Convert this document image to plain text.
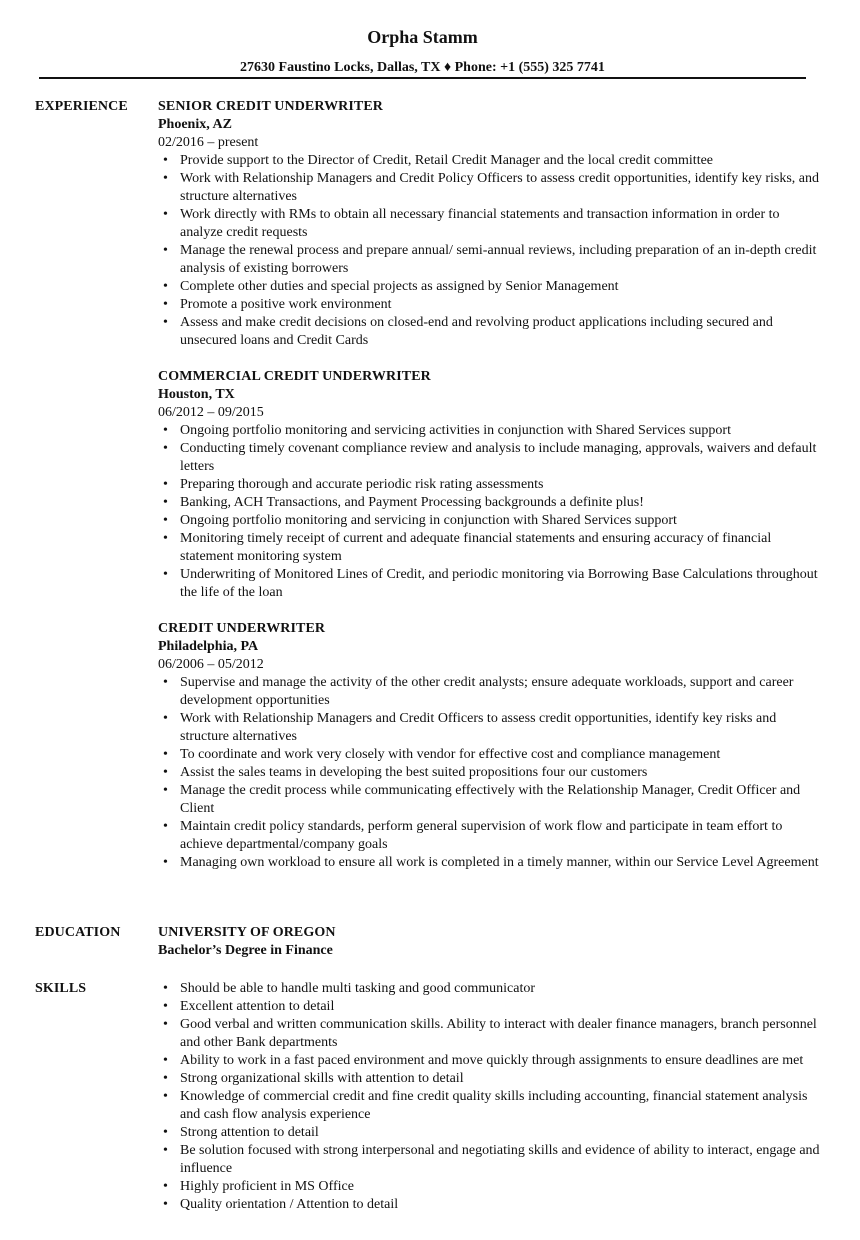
Orpha Stamm
27630 Faustino Locks, Dallas, TX ♦ Phone: +1 (555) 325 7741
EXPERIENCE SENIOR CREDIT UNDERWRITER
Phoenix, AZ
02/2016 – present
• Provide support to the Director of Credit, Retail Credit Manager and the local credit committee
• Work with Relationship Managers and Credit Policy Officers to assess credit opportunities, identify key risks, and structure alternatives
• Work directly with RMs to obtain all necessary financial statements and transaction information in order to analyze credit requests
• Manage the renewal process and prepare annual/ semi-annual reviews, including preparation of an in-depth credit analysis of existing borrowers
• Complete other duties and special projects as assigned by Senior Management
• Promote a positive work environment
• Assess and make credit decisions on closed-end and revolving product applications including secured and unsecured loans and Credit Cards
COMMERCIAL CREDIT UNDERWRITER
Houston, TX
06/2012 – 09/2015
• Ongoing portfolio monitoring and servicing activities in conjunction with Shared Services support
• Conducting timely covenant compliance review and analysis to include managing, approvals, waivers and default letters
• Preparing thorough and accurate periodic risk rating assessments
• Banking, ACH Transactions, and Payment Processing backgrounds a definite plus!
• Ongoing portfolio monitoring and servicing in conjunction with Shared Services support
• Monitoring timely receipt of current and adequate financial statements and ensuring accuracy of financial statement monitoring system
• Underwriting of Monitored Lines of Credit, and periodic monitoring via Borrowing Base Calculations throughout the life of the loan
CREDIT UNDERWRITER
Philadelphia, PA
06/2006 – 05/2012
• Supervise and manage the activity of the other credit analysts; ensure adequate workloads, support and career development opportunities
• Work with Relationship Managers and Credit Officers to assess credit opportunities, identify key risks and structure alternatives
• To coordinate and work very closely with vendor for effective cost and compliance management
• Assist the sales teams in developing the best suited propositions four our customers
• Manage the credit process while communicating effectively with the Relationship Manager, Credit Officer and Client
• Maintain credit policy standards, perform general supervision of work flow and participate in team effort to achieve departmental/company goals
• Managing own workload to ensure all work is completed in a timely manner, within our Service Level Agreement
EDUCATION	UNIVERSITY OF OREGON
Bachelor’s Degree in Finance
SKILLS
•	Should be able to handle multi tasking and good communicator
• Excellent attention to detail
• Good verbal and written communication skills. Ability to interact with dealer finance managers, branch personnel and other Bank departments
• Ability to work in a fast paced environment and move quickly through assignments to ensure deadlines are met
• Strong organizational skills with attention to detail
• Knowledge of commercial credit and fine credit quality skills including accounting, financial statement analysis and cash flow analysis experience
• Strong attention to detail
• Be solution focused with strong interpersonal and negotiating skills and evidence of ability to interact, engage and influence
• Highly proficient in MS Office
• Quality orientation / Attention to detail
